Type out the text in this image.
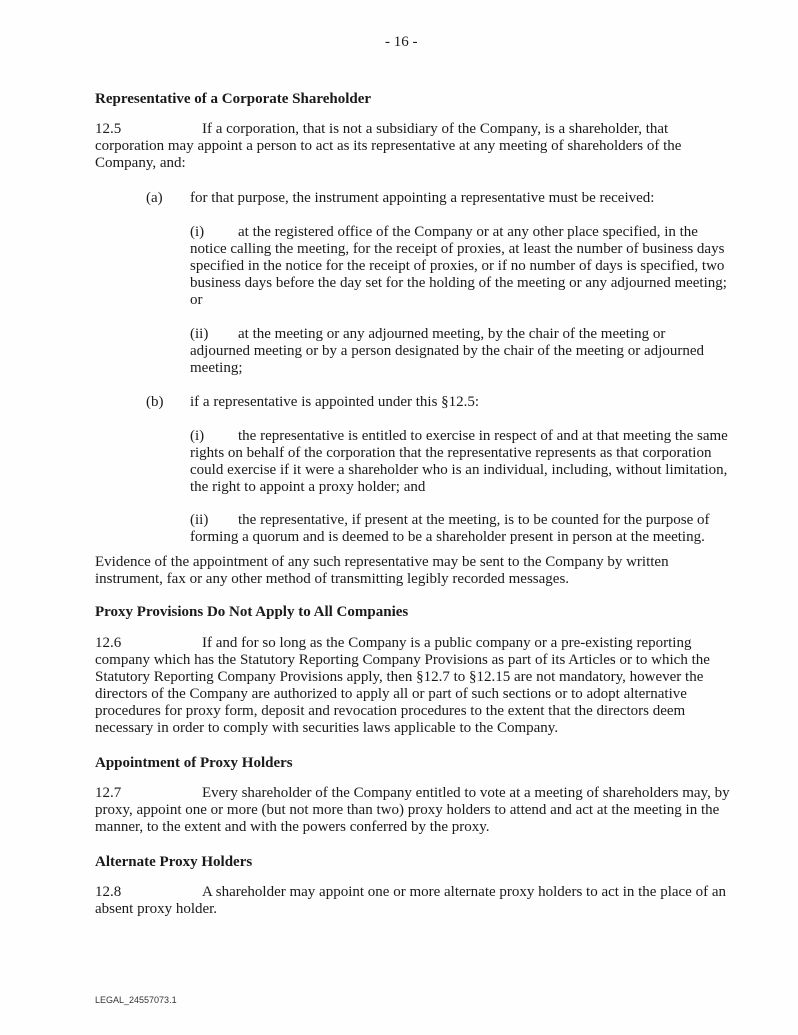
- 16 -
Representative of a Corporate Shareholder
12.5	If a corporation, that is not a subsidiary of the Company, is a shareholder, that
corporation may appoint a person to act as its representative at any meeting of shareholders of the
Company, and:
(a) for that purpose, the instrument appointing a representative must be received:
(i) at the registered office of the Company or at any other place specified, in the
notice calling the meeting, for the receipt of proxies, at least the number of business days
specified in the notice for the receipt of proxies, or if no number of days is specified, two
business days before the day set for the holding of the meeting or any adjourned meeting;
or
(ii) at the meeting or any adjourned meeting, by the chair of the meeting or
adjourned meeting or by a person designated by the chair of the meeting or adjourned
meeting;
(b) if a representative is appointed under this §12.5:
(i) the representative is entitled to exercise in respect of and at that meeting the same
rights on behalf of the corporation that the representative represents as that corporation
could exercise if it were a shareholder who is an individual, including, without limitation,
the right to appoint a proxy holder; and
(ii) the representative, if present at the meeting, is to be counted for the purpose of
forming a quorum and is deemed to be a shareholder present in person at the meeting.
Evidence of the appointment of any such representative may be sent to the Company by written
instrument, fax or any other method of transmitting legibly recorded messages.
Proxy Provisions Do Not Apply to All Companies
12.6	If and for so long as the Company is a public company or a pre-existing reporting
company which has the Statutory Reporting Company Provisions as part of its Articles or to which the
Statutory Reporting Company Provisions apply, then §12.7 to §12.15 are not mandatory, however the
directors of the Company are authorized to apply all or part of such sections or to adopt alternative
procedures for proxy form, deposit and revocation procedures to the extent that the directors deem
necessary in order to comply with securities laws applicable to the Company.
Appointment of Proxy Holders
12.7	Every shareholder of the Company entitled to vote at a meeting of shareholders may, by
proxy, appoint one or more (but not more than two) proxy holders to attend and act at the meeting in the
manner, to the extent and with the powers conferred by the proxy.
Alternate Proxy Holders
12.8	A shareholder may appoint one or more alternate proxy holders to act in the place of an
absent proxy holder.
LEGAL_24557073.1
